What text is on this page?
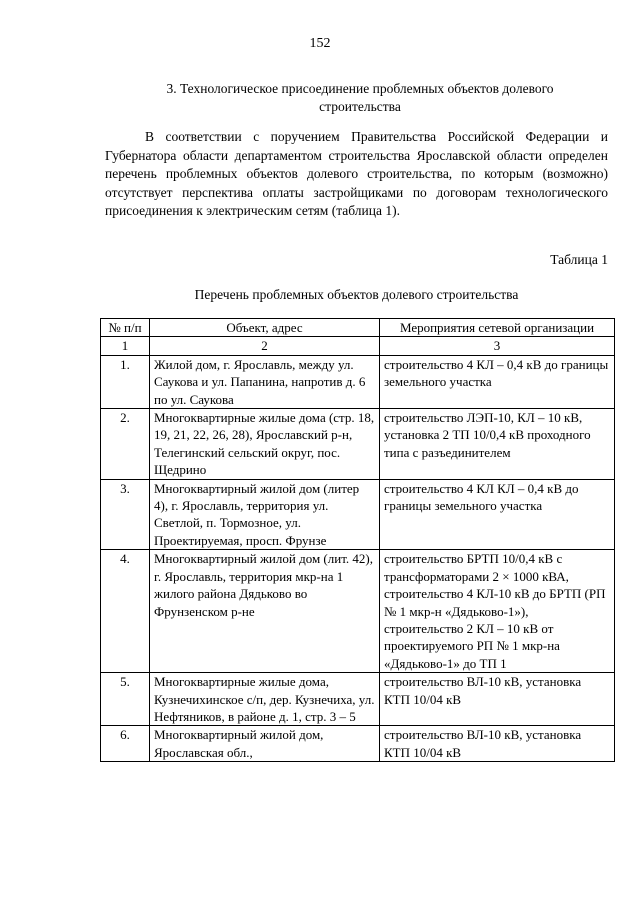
152
3. Технологическое присоединение проблемных объектов долевого строительства
В соответствии с поручением Правительства Российской Федерации и Губернатора области департаментом строительства Ярославской области определен перечень проблемных объектов долевого строительства, по которым (возможно) отсутствует перспектива оплаты застройщиками по договорам технологического присоединения к электрическим сетям (таблица 1).
Таблица 1
Перечень проблемных объектов долевого строительства
№ п/п	Объект, адрес	Мероприятия сетевой организации
1	2	3
1.	Жилой дом, г. Ярославль, между ул. Саукова и ул. Папанина, напротив д. 6 по ул. Саукова	строительство 4 КЛ – 0,4 кВ до границы земельного участка
2.	Многоквартирные жилые дома (стр. 18, 19, 21, 22, 26, 28), Ярославский р-н, Телегинский сельский округ, пос. Щедрино	строительство ЛЭП-10, КЛ – 10 кВ, установка 2 ТП 10/0,4 кВ проходного типа с разъединителем
3.	Многоквартирный жилой дом (литер 4), г. Ярославль, территория ул. Светлой, п. Тормозное, ул. Проектируемая, просп. Фрунзе	строительство 4 КЛ КЛ – 0,4 кВ до границы земельного участка
4.	Многоквартирный жилой дом (лит. 42), г. Ярославль, территория мкр-на 1 жилого района Дядьково во Фрунзенском р-не	строительство БРТП 10/0,4 кВ с трансформаторами 2 × 1000 кВА, строительство 4 КЛ-10 кВ до БРТП (РП № 1 мкр-н «Дядьково-1»), строительство 2 КЛ – 10 кВ от проектируемого РП № 1 мкр-на «Дядьково-1» до ТП 1
5.	Многоквартирные жилые дома, Кузнечихинское с/п, дер. Кузнечиха, ул. Нефтяников, в районе д. 1, стр. 3 – 5	строительство ВЛ-10 кВ, установка КТП 10/04 кВ
6.	Многоквартирный жилой дом, Ярославская обл.,	строительство ВЛ-10 кВ, установка КТП 10/04 кВ
